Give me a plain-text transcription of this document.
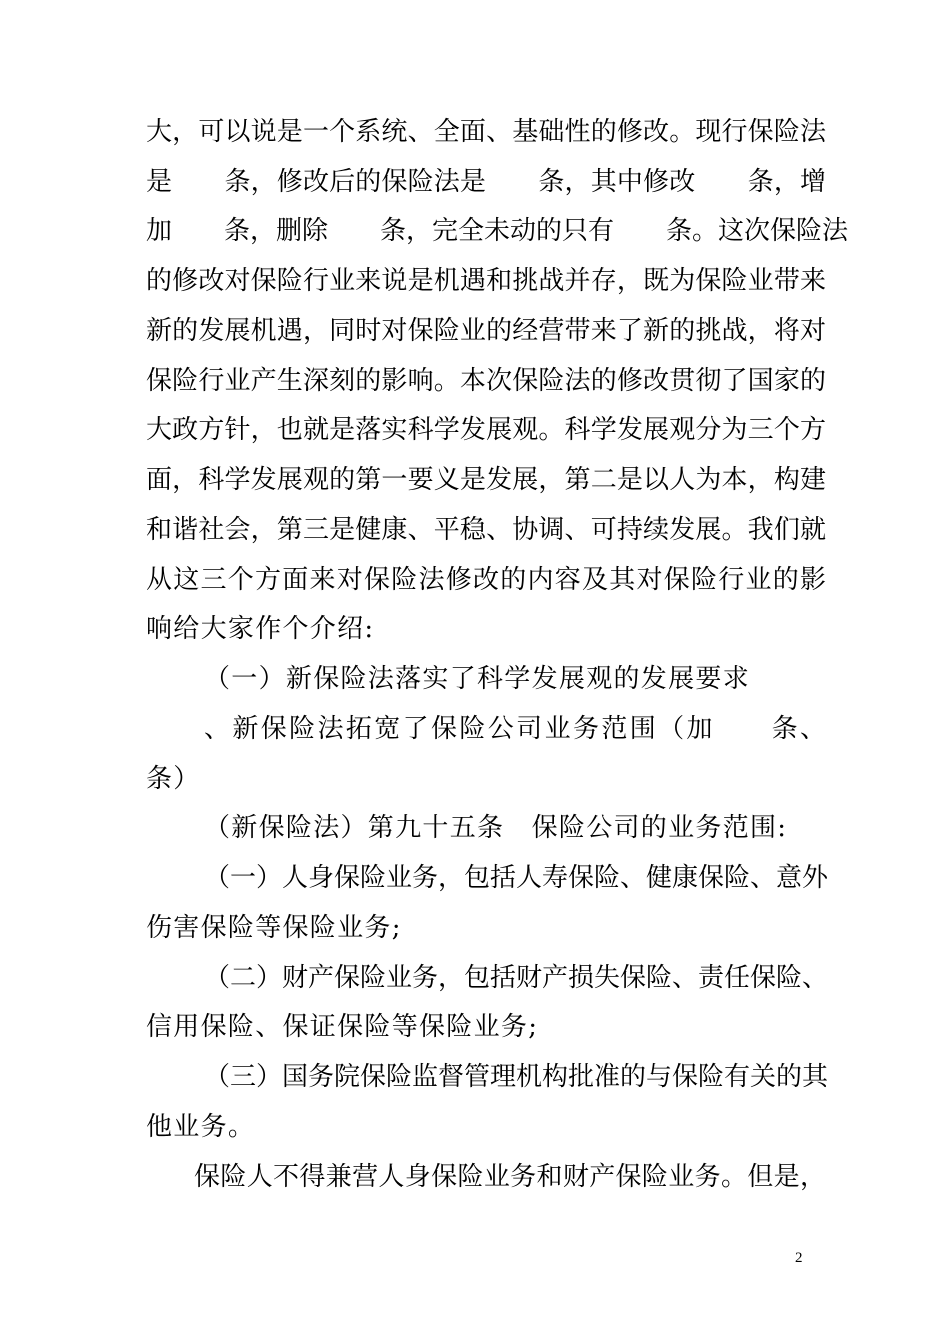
大，可以说是一个系统、全面、基础性的修改。现行保险法
是　　条，修改后的保险法是　　条，其中修改　　条，增
加　　条，删除　　条，完全未动的只有　　条。这次保险法
的修改对保险行业来说是机遇和挑战并存，既为保险业带来
新的发展机遇，同时对保险业的经营带来了新的挑战，将对
保险行业产生深刻的影响。本次保险法的修改贯彻了国家的
大政方针，也就是落实科学发展观。科学发展观分为三个方
面，科学发展观的第一要义是发展，第二是以人为本，构建
和谐社会，第三是健康、平稳、协调、可持续发展。我们就
从这三个方面来对保险法修改的内容及其对保险行业的影
响给大家作个介绍:
（一）新保险法落实了科学发展观的发展要求
、新保险法拓宽了保险公司业务范围（加　　条、
条）
（新保险法）第九十五条　保险公司的业务范围:
（一）人身保险业务，包括人寿保险、健康保险、意外
伤害保险等保险业务;
（二）财产保险业务，包括财产损失保险、责任保险、
信用保险、保证保险等保险业务;
（三）国务院保险监督管理机构批准的与保险有关的其
他业务。
保险人不得兼营人身保险业务和财产保险业务。但是，
2
